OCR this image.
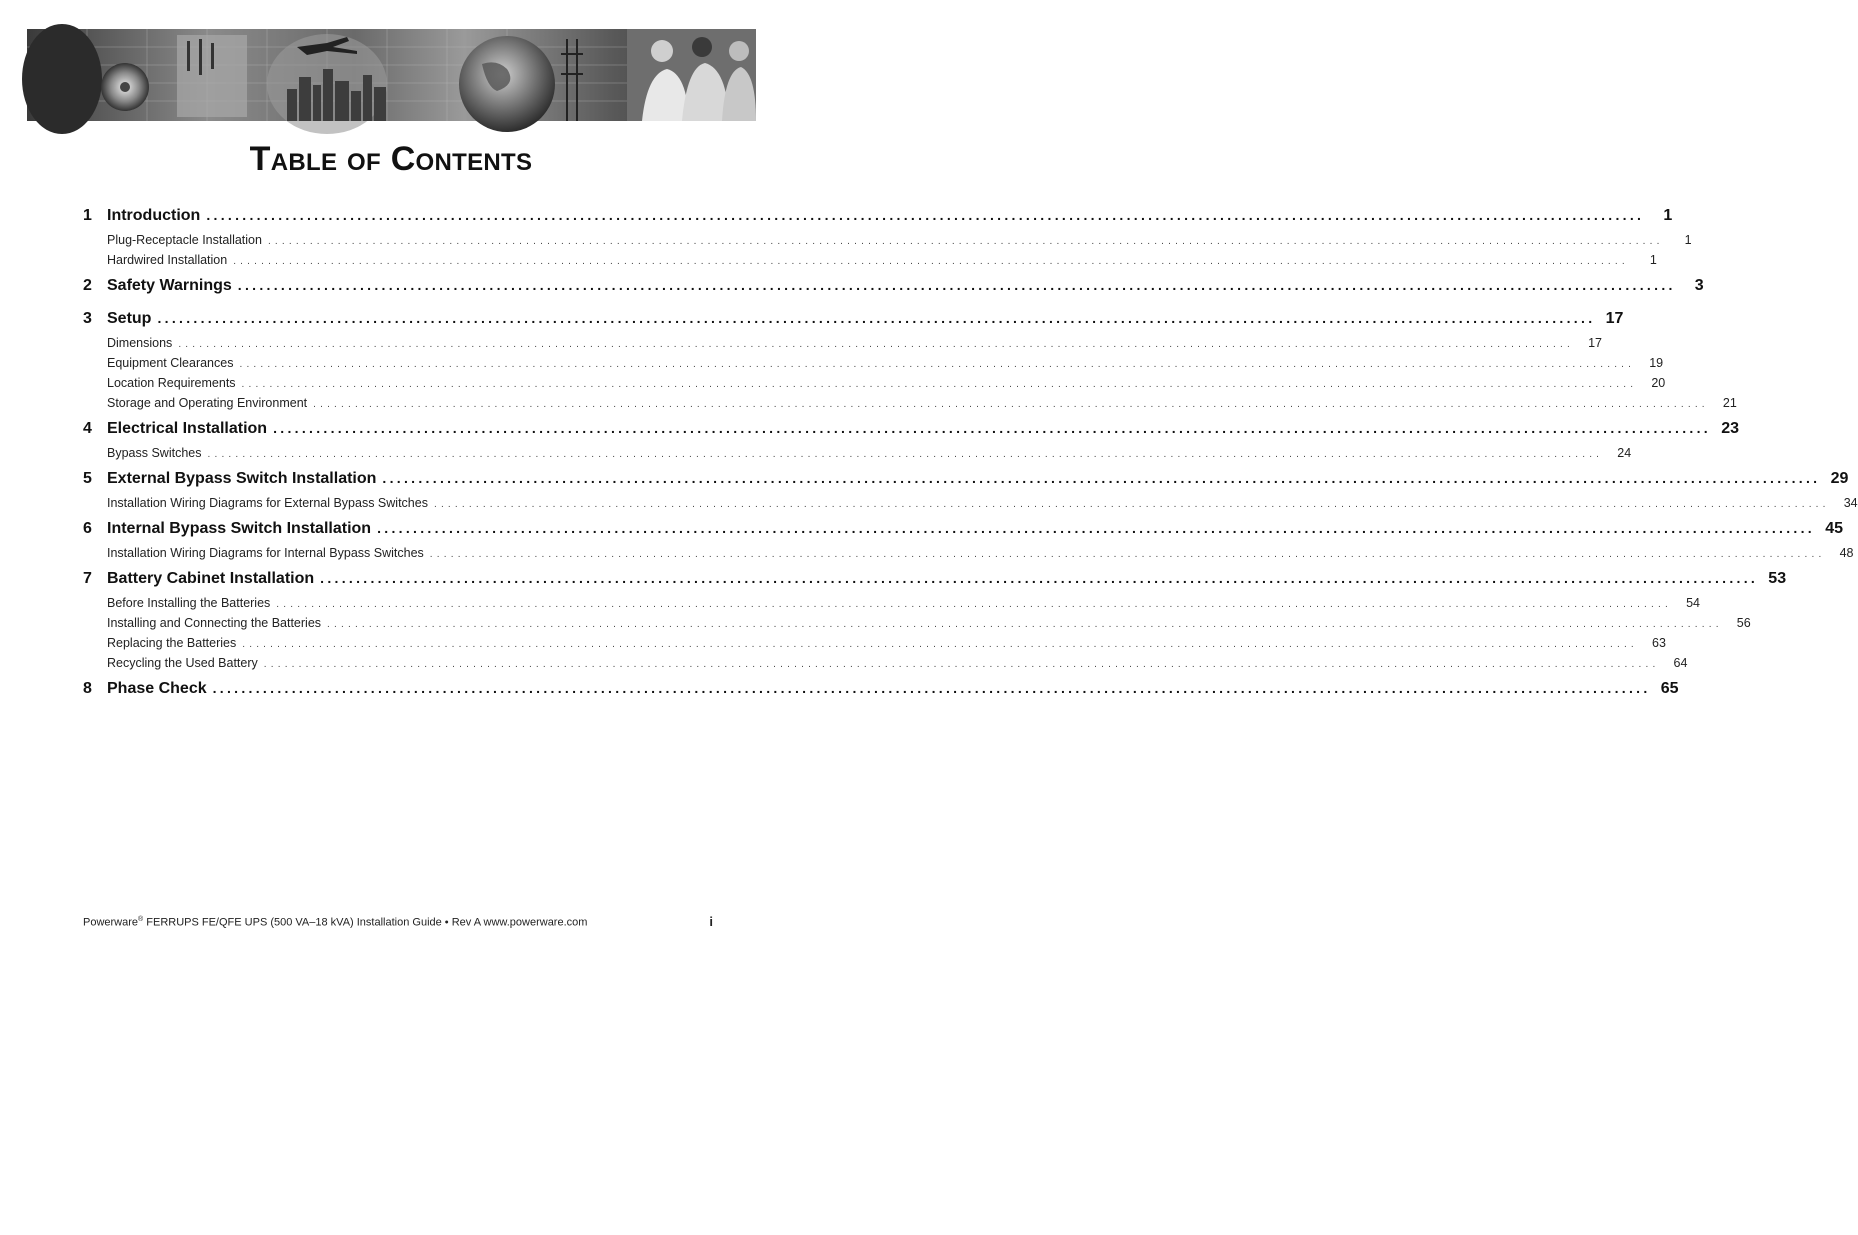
Table of Contents
1 Introduction ........................................................................................................................................................................................................	1
Plug-Receptacle Installation ........................................................................................................................................................................................................	1
Hardwired Installation ........................................................................................................................................................................................................	1
2 Safety Warnings ........................................................................................................................................................................................................	3
3 Setup ........................................................................................................................................................................................................ 17
Dimensions ........................................................................................................................................................................................................	17
Equipment Clearances ........................................................................................................................................................................................................	19
Location Requirements ........................................................................................................................................................................................................	20
Storage and Operating Environment ........................................................................................................................................................................................................	21
4 Electrical Installation ........................................................................................................................................................................................................ 23
Bypass Switches ........................................................................................................................................................................................................	24
5 External Bypass Switch Installation ........................................................................................................................................................................................................ 29
Installation Wiring Diagrams for External Bypass Switches ........................................................................................................................................................................................................	34
6 Internal Bypass Switch Installation ........................................................................................................................................................................................................ 45
Installation Wiring Diagrams for Internal Bypass Switches ........................................................................................................................................................................................................	48
7 Battery Cabinet Installation ........................................................................................................................................................................................................ 53
Before Installing the Batteries ........................................................................................................................................................................................................	54
Installing and Connecting the Batteries ........................................................................................................................................................................................................	56
Replacing the Batteries ........................................................................................................................................................................................................	63
Recycling the Used Battery ........................................................................................................................................................................................................	64
8 Phase Check ........................................................................................................................................................................................................ 65
Powerware® FERRUPS FE/QFE UPS (500 VA–18 kVA) Installation Guide • Rev A www.powerware.com	i
